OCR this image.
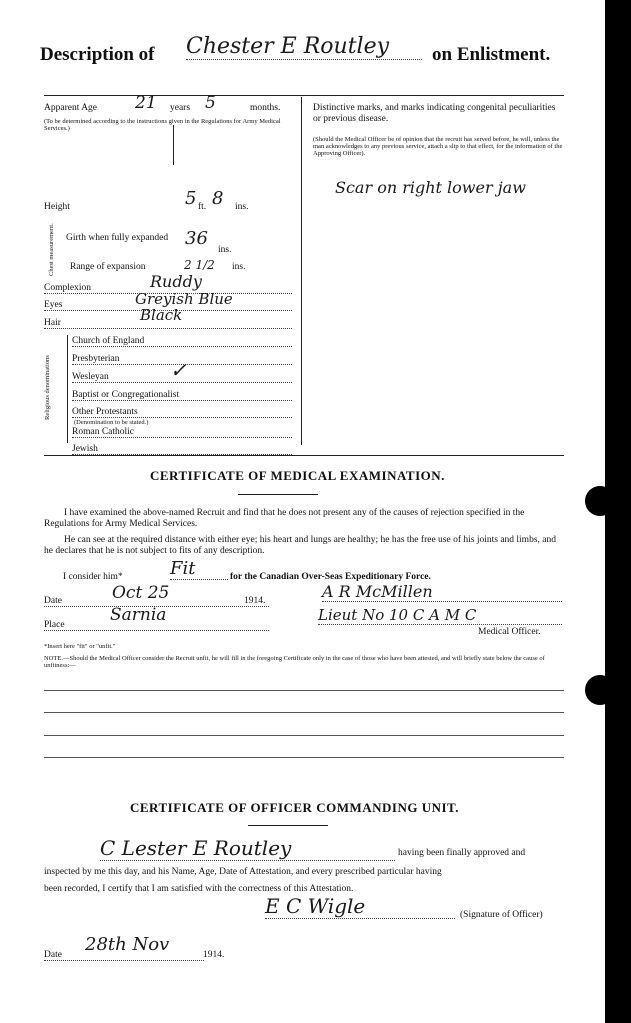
Description of Chester E Routley	on Enlistment.
Apparent Age 21 years 5	months.
(To be determined according to the instructions given in the Regulations for Army Medical Services.)
Height	5 ft. 8 ins.
Chest measurement. Girth when fully expanded 36
ins.
Range of expansion	2 1/2 ins.
Complexion	Ruddy
Eyes	Greyish Blue
Hair	Black
Religious denominations
Church of England
Presbyterian
Wesleyan	✓
Baptist or Congregationalist
Other Protestants
(Denomination to be stated.)
Roman Catholic
Jewish
Distinctive marks, and marks indicating congenital peculiarities or previous disease.
(Should the Medical Officer be of opinion that the recruit has served before, he will, unless the man acknowledges to any previous service, attach a slip to that effect, for the information of the Approving Officer).
Scar on right lower jaw
CERTIFICATE OF MEDICAL EXAMINATION.
I have examined the above-named Recruit and find that he does not present any of the causes of rejection specified in the Regulations for Army Medical Services.
He can see at the required distance with either eye; his heart and lungs are healthy; he has the free use of his joints and limbs, and he declares that he is not subject to fits of any description.
I consider him*	Fit	for the Canadian Over-Seas Expeditionary Force.
Date	Oct 25	1914.	A R McMillen
Place	Sarnia	Lieut No 10 C A M C
Medical Officer.
*Insert here "fit" or "unfit."
NOTE.—Should the Medical Officer consider the Recruit unfit, he will fill in the foregoing Certificate only in the case of those who have been attested, and will briefly state below the cause of unfitness:—
CERTIFICATE OF OFFICER COMMANDING UNIT.
C Lester E Routley	having been finally approved and
inspected by me this day, and his Name, Age, Date of Attestation, and every prescribed particular having
been recorded, I certify that I am satisfied with the correctness of this Attestation.
E C Wigle	(Signature of Officer)
Date	28th Nov	1914.
